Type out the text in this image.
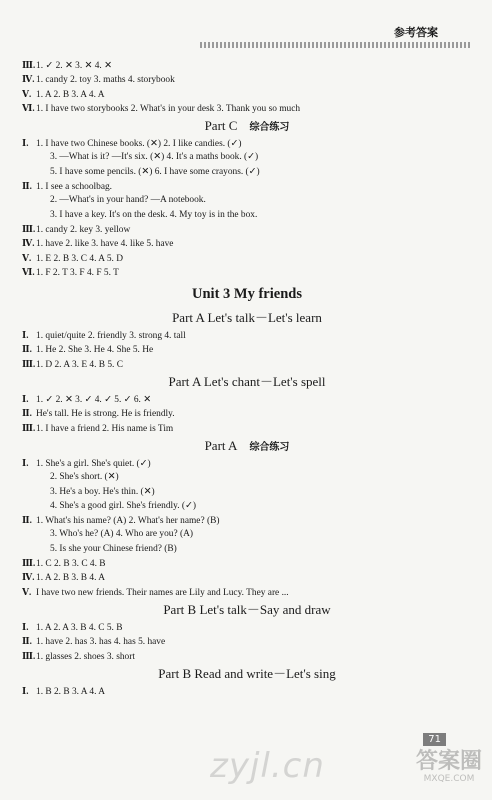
参考答案
Ⅲ.1. ✓ 2. ✕ 3. ✕ 4. ✕
Ⅳ. 1. candy 2. toy 3. maths 4. storybook
Ⅴ. 1. A 2. B 3. A 4. A
Ⅵ.1. I have two storybooks 2. What's in your desk 3. Thank you so much
Part C 综合练习
Ⅰ. 1. I have two Chinese books. (✕) 2. I like candies. (✓)
3. —What is it? —It's six. (✕) 4. It's a maths book. (✓)
5. I have some pencils. (✕) 6. I have some crayons. (✓)
Ⅱ. 1. I see a schoolbag.
2. —What's in your hand? —A notebook.
3. I have a key. It's on the desk. 4. My toy is in the box.
Ⅲ.1. candy 2. key 3. yellow
Ⅳ. 1. have 2. like 3. have 4. like 5. have
Ⅴ. 1. E 2. B 3. C 4. A 5. D
Ⅵ.1. F 2. T 3. F 4. F 5. T
Unit 3 My friends
Part A Let's talk－Let's learn
Ⅰ. 1. quiet/quite 2. friendly 3. strong 4. tall
Ⅱ. 1. He 2. She 3. He 4. She 5. He
Ⅲ.1. D 2. A 3. E 4. B 5. C
Part A Let's chant－Let's spell
Ⅰ. 1. ✓ 2. ✕ 3. ✓ 4. ✓ 5. ✓ 6. ✕
Ⅱ. He's tall. He is strong. He is friendly.
Ⅲ.1. I have a friend 2. His name is Tim
Part A 综合练习
Ⅰ. 1. She's a girl. She's quiet. (✓)
2. She's short. (✕)
3. He's a boy. He's thin. (✕)
4. She's a good girl. She's friendly. (✓)
Ⅱ. 1. What's his name? (A) 2. What's her name? (B)
3. Who's he? (A) 4. Who are you? (A)
5. Is she your Chinese friend? (B)
Ⅲ.1. C 2. B 3. C 4. B
Ⅳ. 1. A 2. B 3. B 4. A
Ⅴ. I have two new friends. Their names are Lily and Lucy. They are ...
Part B Let's talk－Say and draw
Ⅰ. 1. A 2. A 3. B 4. C 5. B
Ⅱ. 1. have 2. has 3. has 4. has 5. have
Ⅲ.1. glasses 2. shoes 3. short
Part B Read and write－Let's sing
Ⅰ. 1. B 2. B 3. A 4. A
71
zyjl.cn	答案圈
MXQE.COM
